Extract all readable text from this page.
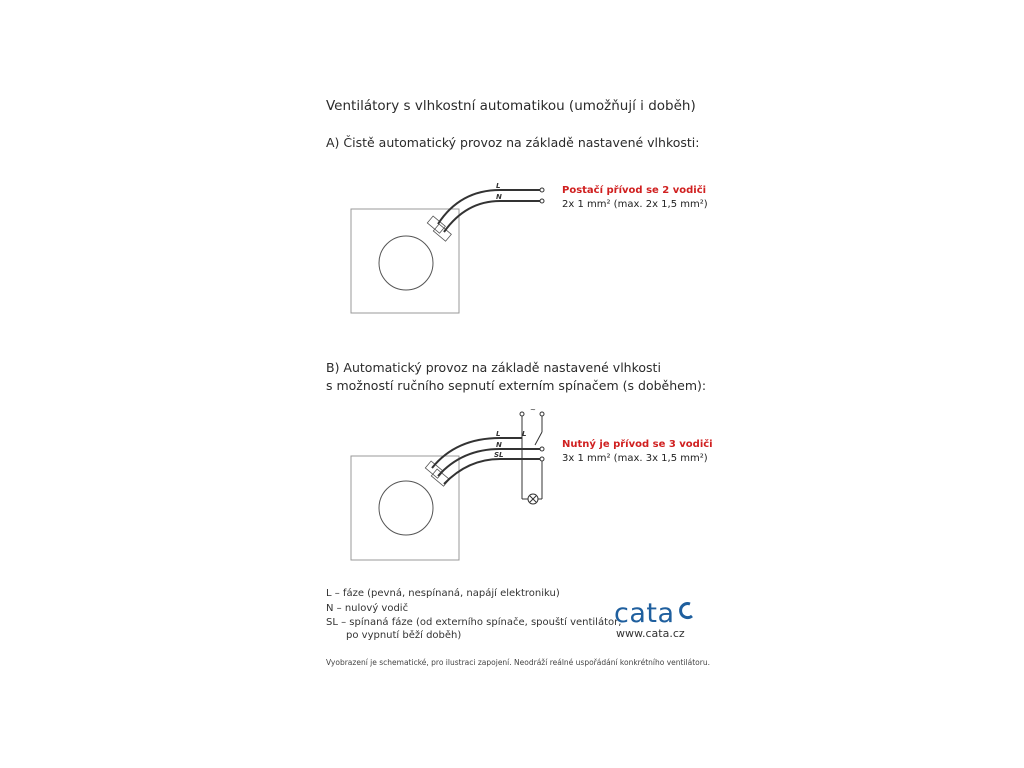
Ventilátory s vlhkostní automatikou (umožňují i doběh)
A) Čistě automatický provoz na základě nastavené vlhkosti:
L
N
Postačí přívod se 2 vodiči
2x 1 mm² (max. 2x 1,5 mm²)
B) Automatický provoz na základě nastavené vlhkosti
s možností ručního sepnutí externím spínačem (s doběhem):
L
N
SL
L
~
Nutný je přívod se 3 vodiči
3x 1 mm² (max. 3x 1,5 mm²)
L – fáze (pevná, nespínaná, napájí elektroniku)
N – nulový vodič
SL – spínaná fáze (od externího spínače, spouští ventilátor,
po vypnutí běží doběh)
cata
www.cata.cz
Vyobrazení je schematické, pro ilustraci zapojení. Neodráží reálné uspořádání konkrétního ventilátoru.
